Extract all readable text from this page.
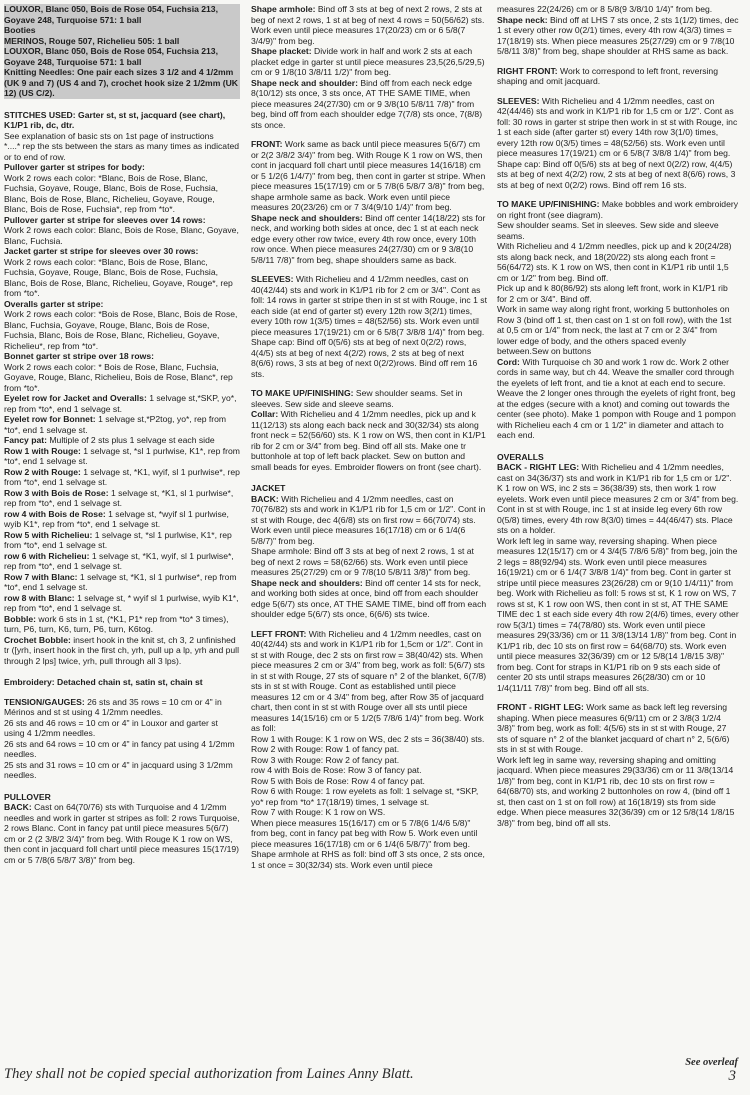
LOUXOR, Blanc 050, Bois de Rose 054, Fuchsia 213, Goyave 248, Turquoise 571: 1 ball
Booties
MERINOS, Rouge 507, Richelieu 505: 1 ball
LOUXOR, Blanc 050, Bois de Rose 054, Fuchsia 213, Goyave 248, Turquoise 571: 1 ball
Knitting Needles: One pair each sizes 3 1/2 and 4 1/2mm (UK 9 and 7) (US 4 and 7), crochet hook size 2 1/2mm (UK 12) (US C/2).
STITCHES USED: Garter st, st st, jacquard (see chart), K1/P1 rib, dc, dtr.
See explanation of basic sts on 1st page of instructions
*....* rep the sts between the stars as many times as indicated or to end of row.
Pullover garter st stripes for body:
Work 2 rows each color: *Blanc, Bois de Rose, Blanc, Fuchsia, Goyave, Rouge, Blanc, Bois de Rose, Fuchsia, Blanc, Bois de Rose, Blanc, Richelieu, Goyave, Rouge, Blanc, Bois de Rose, Fuchsia*, rep from *to*.
Pullover garter st stripe for sleeves over 14 rows:
Work 2 rows each color: Blanc, Bois de Rose, Blanc, Goyave, Blanc, Fuchsia.
Jacket garter st stripe for sleeves over 30 rows:
Work 2 rows each color: *Blanc, Bois de Rose, Blanc, Fuchsia, Goyave, Rouge, Blanc, Bois de Rose, Fuchsia, Blanc, Bois de Rose, Blanc, Richelieu, Goyave, Rouge*, rep from *to*.
Overalls garter st stripe:
Work 2 rows each color: *Bois de Rose, Blanc, Bois de Rose, Blanc, Fuchsia, Goyave, Rouge, Blanc, Bois de Rose, Fuchsia, Blanc, Bois de Rose, Blanc, Richelieu, Goyave, Richelieu*, rep from *to*.
Bonnet garter st stripe over 18 rows:
Work 2 rows each color: * Bois de Rose, Blanc, Fuchsia, Goyave, Rouge, Blanc, Richelieu, Bois de Rose, Blanc*, rep from *to*.
Eyelet row for Jacket and Overalls: 1 selvage st,*SKP, yo*, rep from *to*, end 1 selvage st.
Eyelet row for Bonnet: 1 selvage st,*P2tog, yo*, rep from *to*, end 1 selvage st.
Fancy pat: Multiple of 2 sts plus 1 selvage st each side
Row 1 with Rouge: 1 selvage st, *sl 1 purlwise, K1*, rep from *to*, end 1 selvage st.
Row 2 with Rouge: 1 selvage st, *K1, wyif, sl 1 purlwise*, rep from *to*, end 1 selvage st.
Row 3 with Bois de Rose: 1 selvage st, *K1, sl 1 purlwise*, rep from *to*, end 1 selvage st.
row 4 with Bois de Rose: 1 selvage st, *wyif sl 1 purlwise, wyib K1*, rep from *to*, end 1 selvage st.
Row 5 with Richelieu: 1 selvage st, *sl 1 purlwise, K1*, rep from *to*, end 1 selvage st.
row 6 with Richelieu: 1 selvage st, *K1, wyif, sl 1 purlwise*, rep from *to*, end 1 selvage st.
Row 7 with Blanc: 1 selvage st, *K1, sl 1 purlwise*, rep from *to*, end 1 selvage st.
row 8 with Blanc: 1 selvage st, * wyif sl 1 purlwise, wyib K1*, rep from *to*, end 1 selvage st.
Bobble: work 6 sts in 1 st, (*K1, P1* rep from *to* 3 times), turn, P6, turn, K6, turn, P6, turn, K6tog.
Crochet Bobble: insert hook in the knit st, ch 3, 2 unfinished tr ([yrh, insert hook in the first ch, yrh, pull up a lp, yrh and pull through 2 lps] twice, yrh, pull through all 3 lps).
Embroidery: Detached chain st, satin st, chain st
TENSION/GAUGES: 26 sts and 35 rows = 10 cm or 4" in Mérinos and st st using 4 1/2mm needles.
26 sts and 46 rows = 10 cm or 4" in Louxor and garter st using 4 1/2mm needles.
26 sts and 64 rows = 10 cm or 4" in fancy pat using 4 1/2mm needles.
25 sts and 31 rows = 10 cm or 4" in jacquard using 3 1/2mm needles.
PULLOVER
BACK: Cast on 64(70/76) sts with Turquoise and 4 1/2mm needles and work in garter st stripes as foll: 2 rows Turquoise, 2 rows Blanc. Cont in fancy pat until piece measures 5(6/7) cm or 2 (2 3/8/2 3/4)" from beg. With Rouge K 1 row on WS, then cont in jacquard foll chart until piece measures 15(17/19) cm or 5 7/8(6 5/8/7 3/8)" from beg.
Shape armhole: Bind off 3 sts at beg of next 2 rows, 2 sts at beg of next 2 rows, 1 st at beg of next 4 rows = 50(56/62) sts. Work even until piece measures 17(20/23) cm or 6 5/8(7 3/4/9)" from beg.
Shape placket: Divide work in half and work 2 sts at each placket edge in garter st until piece measures 23,5(26,5/29,5) cm or 9 1/8(10 3/8/11 1/2)" from beg.
Shape neck and shoulder: Bind off from each neck edge 8(10/12) sts once, 3 sts once, AT THE SAME TIME, when piece measures 24(27/30) cm or 9 3/8(10 5/8/11 7/8)" from beg, bind off from each shoulder edge 7(7/8) sts once, 7(8/8) sts once.
FRONT: Work same as back until piece measures 5(6/7) cm or 2(2 3/8/2 3/4)" from beg. With Rouge K 1 row on WS, then cont in jacquard foll chart until piece measures 14(16/18) cm or 5 1/2(6 1/4/7)" from beg, then cont in garter st stripe. When piece measures 15(17/19) cm or 5 7/8(6 5/8/7 3/8)" from beg, shape armhole same as back. Work even until piece measures 20(23/26) cm or 7 3/4(9/10 1/4)" from beg.
Shape neck and shoulders: Bind off center 14(18/22) sts for neck, and working both sides at once, dec 1 st at each neck edge every other row twice, every 4th row once, every 10th row once. When piece measures 24(27/30) cm or 9 3/8(10 5/8/11 7/8)" from beg, shape shoulders same as back.
SLEEVES: With Richelieu and 4 1/2mm needles, cast on 40(42/44) sts and work in K1/P1 rib for 2 cm or 3/4". Cont as foll: 14 rows in garter st stripe then in st st with Rouge, inc 1 st each side (at end of garter st) every 12th row 3(2/1) times, every 10th row 1(3/5) times = 48(52/56) sts. Work even until piece measures 17(19/21) cm or 6 5/8(7 3/8/8 1/4)" from beg. Shape cap: Bind off 0(5/6) sts at beg of next 0(2/2) rows, 4(4/5) sts at beg of next 4(2/2) rows, 2 sts at beg of next 8(6/6) rows, 3 sts at beg of next 0(2/2)rows. Bind off rem 16 sts.
TO MAKE UP/FINISHING: Sew shoulder seams. Set in sleeves. Sew side and sleeve seams.
Collar: With Richelieu and 4 1/2mm needles, pick up and k 11(12/13) sts along each back neck and 30(32/34) sts along front neck = 52(56/60) sts. K 1 row on WS, then cont in K1/P1 rib for 2 cm or 3/4" from beg. Bind off all sts. Make one tr buttonhole at top of left back placket. Sew on button and small beads for eyes. Embroider flowers on front (see chart).
JACKET
BACK: With Richelieu and 4 1/2mm needles, cast on 70(76/82) sts and work in K1/P1 rib for 1,5 cm or 1/2". Cont in st st with Rouge, dec 4(6/8) sts on first row = 66(70/74) sts. Work even until piece measures 16(17/18) cm or 6 1/4(6 5/8/7)" from beg.
Shape armhole: Bind off 3 sts at beg of next 2 rows, 1 st at beg of next 2 rows = 58(62/66) sts. Work even until piece measures 25(27/29) cm or 9 7/8(10 5/8/11 3/8)" from beg.
Shape neck and shoulders: Bind off center 14 sts for neck, and working both sides at once, bind off from each shoulder edge 5(6/7) sts once, AT THE SAME TIME, bind off from each shoulder edge 5(6/7) sts once, 6(6/6) sts twice.
LEFT FRONT: With Richelieu and 4 1/2mm needles, cast on 40(42/44) sts and work in K1/P1 rib for 1,5cm or 1/2". Cont in st st with Rouge, dec 2 sts on first row = 38(40/42) sts. When piece measures 2 cm or 3/4" from beg, work as foll: 5(6/7) sts in st st with Rouge, 27 sts of square n° 2 of the blanket, 6(7/8) sts in st st with Rouge. Cont as established until piece measures 12 cm or 4 3/4" from beg, after Row 35 of jacquard chart, then cont in st st with Rouge over all sts until piece measures 14(15/16) cm or 5 1/2(5 7/8/6 1/4)" from beg. Work as foll:
Row 1 with Rouge: K 1 row on WS, dec 2 sts = 36(38/40) sts.
Row 2 with Rouge: Row 1 of fancy pat.
Row 3 with Rouge: Row 2 of fancy pat.
row 4 with Bois de Rose: Row 3 of fancy pat.
Row 5 with Bois de Rose: Row 4 of fancy pat.
Row 6 with Rouge: 1 row eyelets as foll: 1 selvage st, *SKP, yo* rep from *to* 17(18/19) times, 1 selvage st.
Row 7 with Rouge: K 1 row on WS.
When piece measures 15(16/17) cm or 5 7/8(6 1/4/6 5/8)" from beg, cont in fancy pat beg with Row 5. Work even until piece measures 16(17/18) cm or 6 1/4(6 5/8/7)" from beg. Shape armhole at RHS as foll: bind off 3 sts once, 2 sts once, 1 st once = 30(32/34) sts. Work even until piece
measures 22(24/26) cm or 8 5/8(9 3/8/10 1/4)" from beg.
Shape neck: Bind off at LHS 7 sts once, 2 sts 1(1/2) times, dec 1 st every other row 0(2/1) times, every 4th row 4(3/3) times = 17(18/19) sts. When piece measures 25(27/29) cm or 9 7/8(10 5/8/11 3/8)" from beg, shape shoulder at RHS same as back.
RIGHT FRONT: Work to correspond to left front, reversing shaping and omit jacquard.
SLEEVES: With Richelieu and 4 1/2mm needles, cast on 42(44/46) sts and work in K1/P1 rib for 1,5 cm or 1/2". Cont as foll: 30 rows in garter st stripe then work in st st with Rouge, inc 1 st each side (after garter st) every 14th row 3(1/0) times, every 12th row 0(3/5) times = 48(52/56) sts. Work even until piece measures 17(19/21) cm or 6 5/8(7 3/8/8 1/4)" from beg.
Shape cap: Bind off 0(5/6) sts at beg of next 0(2/2) row, 4(4/5) sts at beg of next 4(2/2) row, 2 sts at beg of next 8(6/6) rows, 3 sts at beg of next 0(2/2) rows. Bind off rem 16 sts.
TO MAKE UP/FINISHING: Make bobbles and work embroidery on right front (see diagram).
Sew shoulder seams. Set in sleeves. Sew side and sleeve seams.
With Richelieu and 4 1/2mm needles, pick up and k 20(24/28) sts along back neck, and 18(20/22) sts along each front = 56(64/72) sts. K 1 row on WS, then cont in K1/P1 rib until 1,5 cm or 1/2" from beg. Bind off.
Pick up and k 80(86/92) sts along left front, work in K1/P1 rib for 2 cm or 3/4". Bind off.
Work in same way along right front, working 5 buttonholes on Row 3 (bind off 1 st, then cast on 1 st on foll row), with the 1st at 0,5 cm or 1/4" from neck, the last at 7 cm or 2 3/4" from lower edge of body, and the others spaced evenly between.Sew on buttons
Cord: With Turquoise ch 30 and work 1 row dc. Work 2 other cords in same way, but ch 44. Weave the smaller cord through the eyelets of left front, and tie a knot at each end to secure. Weave the 2 longer ones through the eyelets of right front, beg at the edges (secure with a knot) and coming out towards the center (see photo). Make 1 pompon with Rouge and 1 pompon with Richelieu each 4 cm or 1 1/2" in diameter and attach to each end.
OVERALLS
BACK - RIGHT LEG: With Richelieu and 4 1/2mm needles, cast on 34(36/37) sts and work in K1/P1 rib for 1,5 cm or 1/2". K 1 row on WS, inc 2 sts = 36(38/39) sts, then work 1 row eyelets. Work even until piece measures 2 cm or 3/4" from beg. Cont in st st with Rouge, inc 1 st at inside leg every 6th row 0(5/8) times, every 4th row 8(3/0) times = 44(46/47) sts. Place sts on a holder.
Work left leg in same way, reversing shaping. When piece measures 12(15/17) cm or 4 3/4(5 7/8/6 5/8)" from beg, join the 2 legs = 88(92/94) sts. Work even until piece measures 16(19/21) cm or 6 1/4(7 3/8/8 1/4)" from beg. Cont in garter st stripe until piece measures 23(26/28) cm or 9(10 1/4/11)" from beg. Work with Richelieu as foll: 5 rows st st, K 1 row on WS, 7 rows st st, K 1 row oon WS, then cont in st st, AT THE SAME TIME dec 1 st each side every 4th row 2(4/6) times, every other row 5(3/1) times = 74(78/80) sts. Work even until piece measures 29(33/36) cm or 11 3/8(13/14 1/8)" from beg. Cont in K1/P1 rib, dec 10 sts on first row = 64(68/70) sts. Work even until piece measures 32(36/39) cm or 12 5/8(14 1/8/15 3/8)" from beg. Cont for straps in K1/P1 rib on 9 sts each side of center 20 sts until straps measures 26(28/30) cm or 10 1/4(11/11 7/8)" from beg. Bind off all sts.
FRONT - RIGHT LEG: Work same as back left leg reversing shaping. When piece measures 6(9/11) cm or 2 3/8(3 1/2/4 3/8)" from beg, work as foll: 4(5/6) sts in st st with Rouge, 27 sts of square n° 2 of the blanket jacquard of chart n° 2, 5(6/6) sts in st st with Rouge.
Work left leg in same way, reversing shaping and omitting jacquard. When piece measures 29(33/36) cm or 11 3/8(13/14 1/8)" from beg, cont in K1/P1 rib, dec 10 sts on first row = 64(68/70) sts, and working 2 buttonholes on row 4, (bind off 1 st, then cast on 1 st on foll row) at 16(18/19) sts from side edge. When piece measures 32(36/39) cm or 12 5/8(14 1/8/15 3/8)" from beg, bind off all sts.
See overleaf
They shall not be copied special authorization from Laines Anny Blatt.	3
